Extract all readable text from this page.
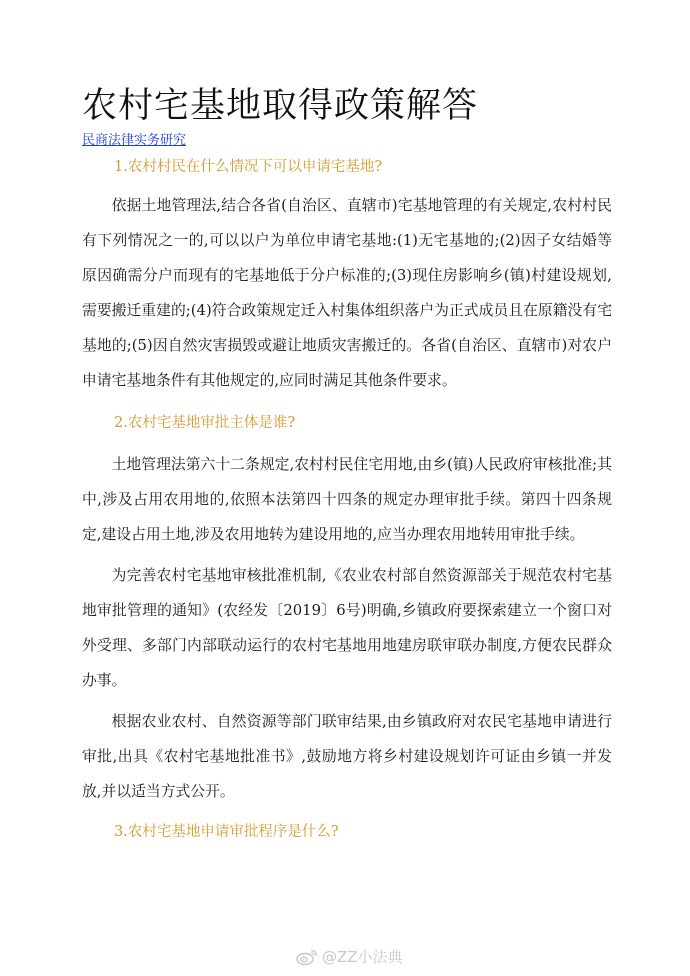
农村宅基地取得政策解答
民商法律实务研究

1.农村村民在什么情况下可以申请宅基地?

依据土地管理法,结合各省(自治区、直辖市)宅基地管理的有关规定,农村村民有下列情况之一的,可以以户为单位申请宅基地:(1)无宅基地的;(2)因子女结婚等原因确需分户而现有的宅基地低于分户标准的;(3)现住房影响乡(镇)村建设规划,需要搬迁重建的;(4)符合政策规定迁入村集体组织落户为正式成员且在原籍没有宅基地的;(5)因自然灾害损毁或避让地质灾害搬迁的。各省(自治区、直辖市)对农户申请宅基地条件有其他规定的,应同时满足其他条件要求。

2.农村宅基地审批主体是谁?

土地管理法第六十二条规定,农村村民住宅用地,由乡(镇)人民政府审核批准;其中,涉及占用农用地的,依照本法第四十四条的规定办理审批手续。第四十四条规定,建设占用土地,涉及农用地转为建设用地的,应当办理农用地转用审批手续。

为完善农村宅基地审核批准机制,《农业农村部自然资源部关于规范农村宅基地审批管理的通知》(农经发〔2019〕6号)明确,乡镇政府要探索建立一个窗口对外受理、多部门内部联动运行的农村宅基地用地建房联审联办制度,方便农民群众办事。

根据农业农村、自然资源等部门联审结果,由乡镇政府对农民宅基地申请进行审批,出具《农村宅基地批准书》,鼓励地方将乡村建设规划许可证由乡镇一并发放,并以适当方式公开。

3.农村宅基地申请审批程序是什么?

@ZZ小法典
